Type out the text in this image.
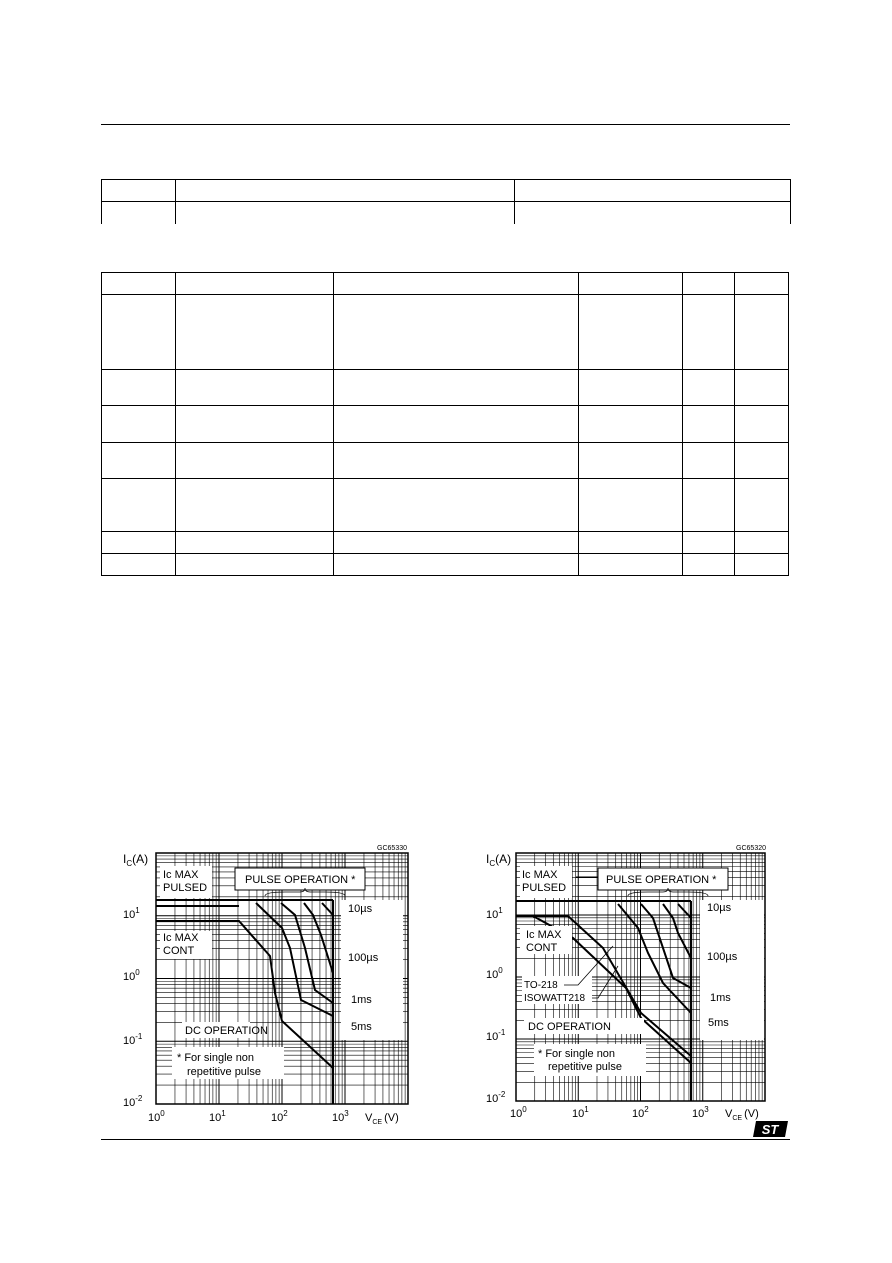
GC65330
$I_C(A)$
Ic MAX
PULSED
PULSE OPERATION *
Ic MAX
CONT
10µs
100µs
1ms
5ms
DC OPERATION
* For single non
repetitive pulse
$10^1$
$10^0$
$10^{-1}$
$10^{-2}$
$10^0$	$10^1$	$10^2$	$10^3$ $V_{CE}$ (V)
GC65320
$I_C(A)$
Ic MAX
PULSED
PULSE OPERATION *
Ic MAX
CONT
TO-218
ISOWATT218
10µs
100µs
1ms
5ms
DC OPERATION
* For single non
repetitive pulse
$10^1$
$10^0$
$10^{-1}$
$10^{-2}$
$10^0$	$10^1$	$10^2$	$10^3$ $V_{CE}$ (V)
ST
